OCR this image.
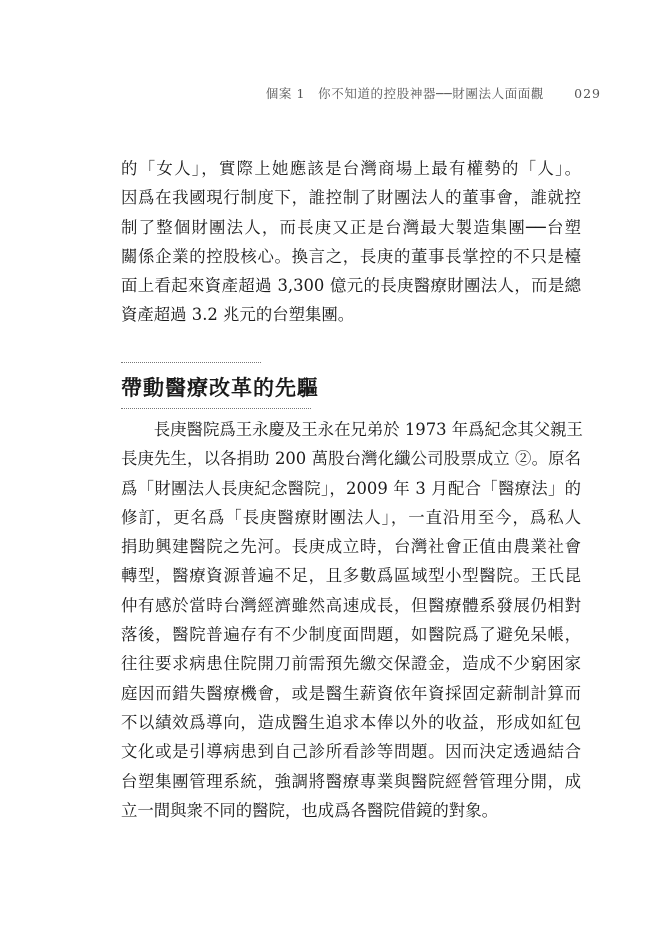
個案 1　你不知道的控股神器──財團法人面面觀 029
的「女人」，實際上她應該是台灣商場上最有權勢的「人」。
因爲在我國現行制度下，誰控制了財團法人的董事會，誰就控
制了整個財團法人，而長庚又正是台灣最大製造集團──台塑
關係企業的控股核心。換言之，長庚的董事長掌控的不只是檯
面上看起來資產超過 3,300 億元的長庚醫療財團法人，而是總
資產超過 3.2 兆元的台塑集團。
帶動醫療改革的先驅
　　長庚醫院爲王永慶及王永在兄弟於 1973 年爲紀念其父親王
長庚先生，以各捐助 200 萬股台灣化纖公司股票成立 ②。原名
爲「財團法人長庚紀念醫院」，2009 年 3 月配合「醫療法」的
修訂，更名爲「長庚醫療財團法人」，一直沿用至今，爲私人
捐助興建醫院之先河。長庚成立時，台灣社會正值由農業社會
轉型，醫療資源普遍不足，且多數爲區域型小型醫院。王氏昆
仲有感於當時台灣經濟雖然高速成長，但醫療體系發展仍相對
落後，醫院普遍存有不少制度面問題，如醫院爲了避免呆帳，
往往要求病患住院開刀前需預先繳交保證金，造成不少窮困家
庭因而錯失醫療機會，或是醫生薪資依年資採固定薪制計算而
不以績效爲導向，造成醫生追求本俸以外的收益，形成如紅包
文化或是引導病患到自己診所看診等問題。因而決定透過結合
台塑集團管理系統，強調將醫療專業與醫院經營管理分開，成
立一間與衆不同的醫院，也成爲各醫院借鏡的對象。
